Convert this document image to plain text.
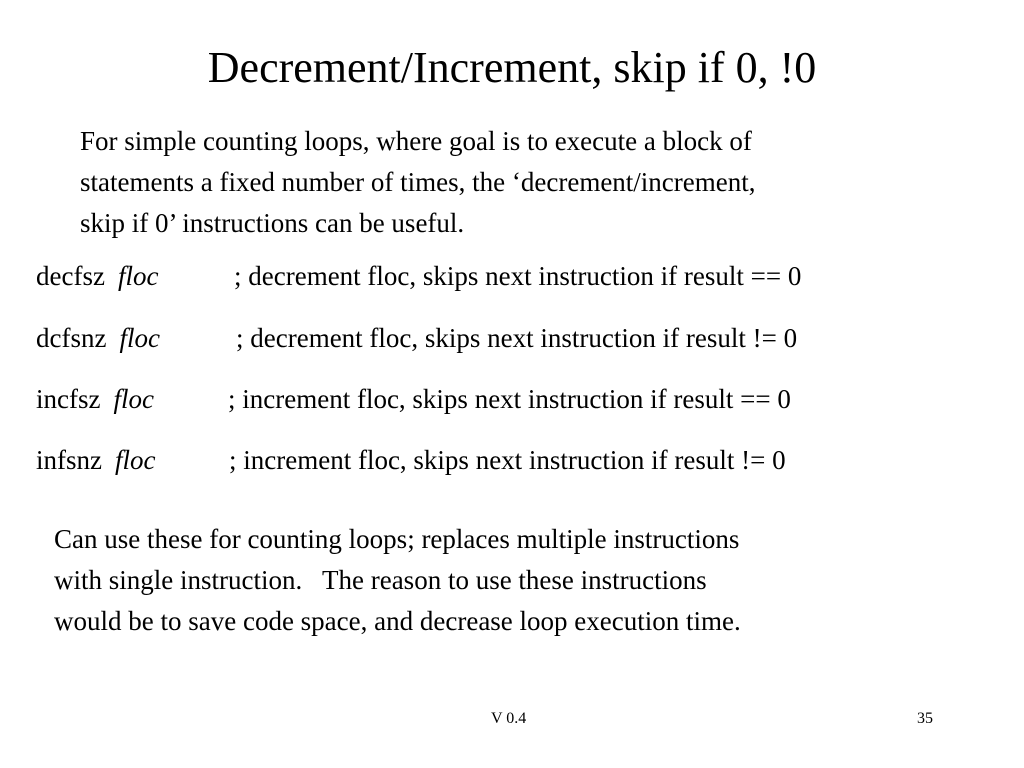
Decrement/Increment, skip if 0, !0
For simple counting loops, where goal is to execute a block of
statements a fixed number of times, the ‘decrement/increment,
skip if 0’ instructions can be useful.
decfsz floc	; decrement floc, skips next instruction if result == 0
dcfsnz floc	; decrement floc, skips next instruction if result != 0
incfsz floc	; increment floc, skips next instruction if result == 0
infsnz floc	; increment floc, skips next instruction if result != 0
Can use these for counting loops; replaces multiple instructions
with single instruction.   The reason to use these instructions
would be to save code space, and decrease loop execution time.
V 0.4	35
